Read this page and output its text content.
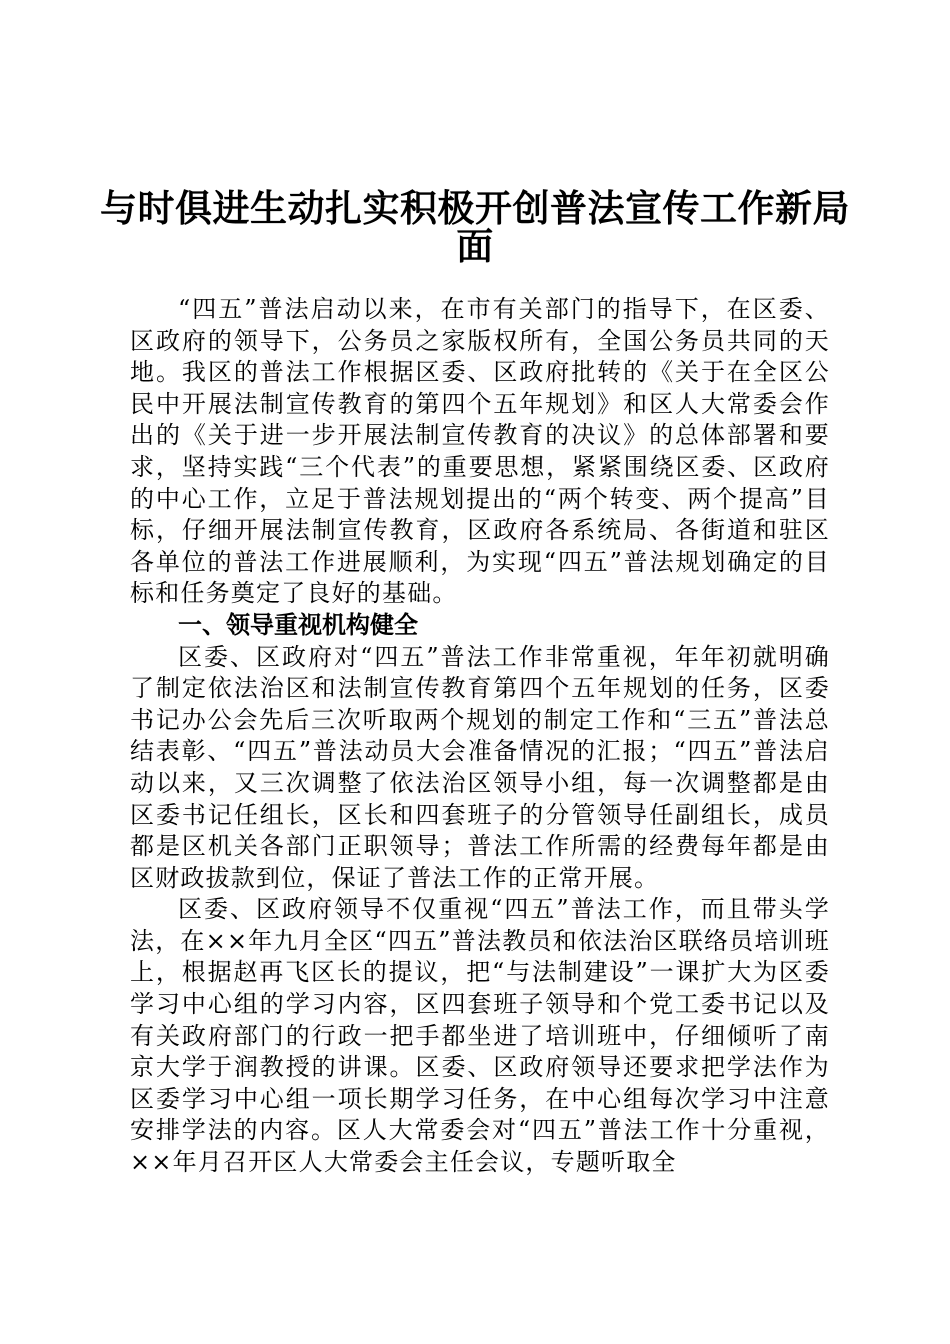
与时俱进生动扎实积极开创普法宣传工作新局
面

“四五”普法启动以来，在市有关部门的指导下，在区委、区政府的领导下，公务员之家版权所有，全国公务员共同的天地。我区的普法工作根据区委、区政府批转的《关于在全区公民中开展法制宣传教育的第四个五年规划》和区人大常委会作出的《关于进一步开展法制宣传教育的决议》的总体部署和要求，坚持实践“三个代表”的重要思想，紧紧围绕区委、区政府的中心工作，立足于普法规划提出的“两个转变、两个提高”目标，仔细开展法制宣传教育，区政府各系统局、各街道和驻区各单位的普法工作进展顺利，为实现“四五”普法规划确定的目标和任务奠定了良好的基础。

一、领导重视机构健全

区委、区政府对“四五”普法工作非常重视，年年初就明确了制定依法治区和法制宣传教育第四个五年规划的任务，区委书记办公会先后三次听取两个规划的制定工作和“三五”普法总结表彰、“四五”普法动员大会准备情况的汇报；“四五”普法启动以来，又三次调整了依法治区领导小组，每一次调整都是由区委书记任组长，区长和四套班子的分管领导任副组长，成员都是区机关各部门正职领导；普法工作所需的经费每年都是由区财政拔款到位，保证了普法工作的正常开展。

区委、区政府领导不仅重视“四五”普法工作，而且带头学法，在××年九月全区“四五”普法教员和依法治区联络员培训班上，根据赵再飞区长的提议，把“与法制建设”一课扩大为区委学习中心组的学习内容，区四套班子领导和个党工委书记以及有关政府部门的行政一把手都坐进了培训班中，仔细倾听了南京大学于润教授的讲课。区委、区政府领导还要求把学法作为区委学习中心组一项长期学习任务，在中心组每次学习中注意安排学法的内容。区人大常委会对“四五”普法工作十分重视，××年月召开区人大常委会主任会议，专题听取全
